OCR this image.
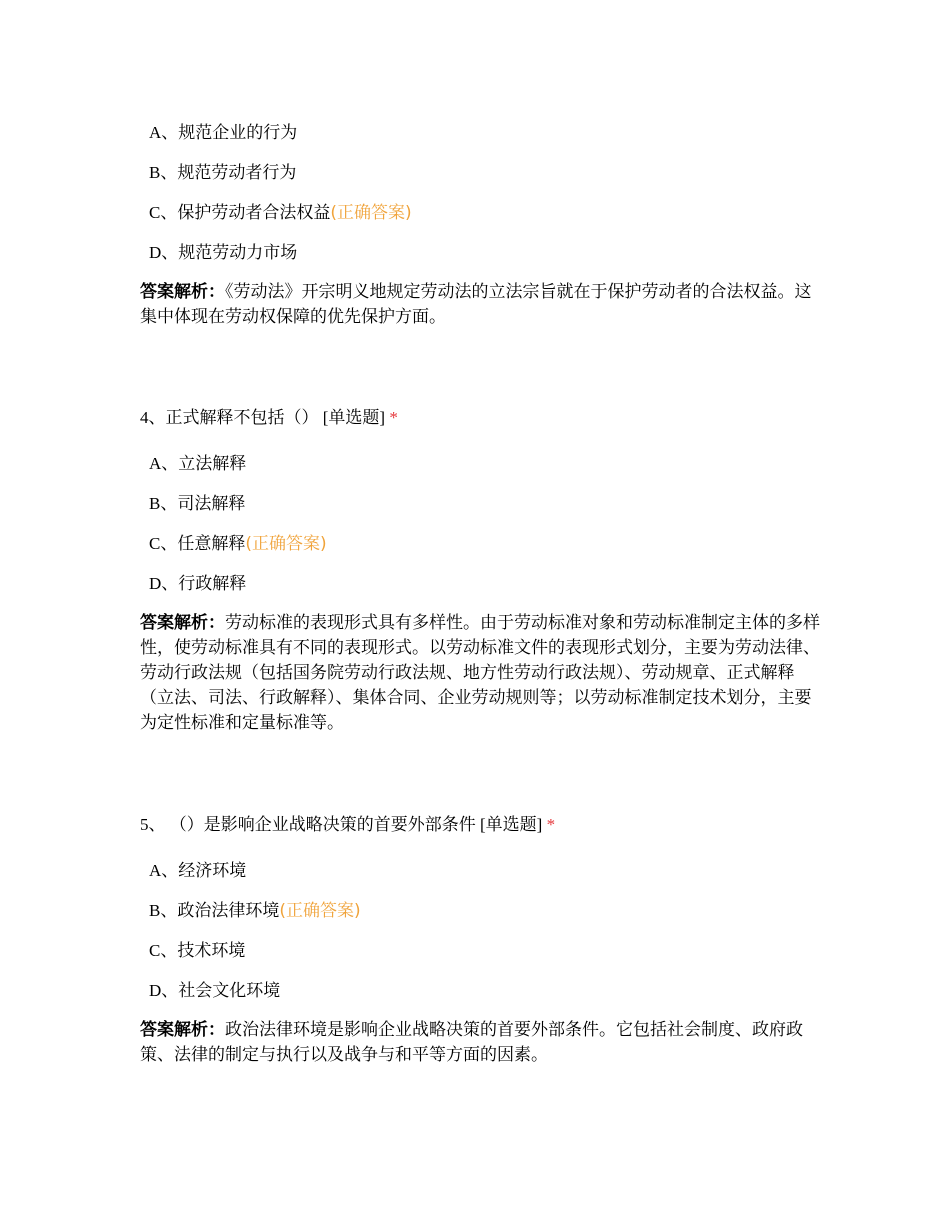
A、规范企业的行为
B、规范劳动者行为
C、保护劳动者合法权益(正确答案)
D、规范劳动力市场
答案解析：《劳动法》开宗明义地规定劳动法的立法宗旨就在于保护劳动者的合法权益。这集中体现在劳动权保障的优先保护方面。
4、正式解释不包括（） [单选题] *
A、立法解释
B、司法解释
C、任意解释(正确答案)
D、行政解释
答案解析：劳动标准的表现形式具有多样性。由于劳动标准对象和劳动标准制定主体的多样性，使劳动标准具有不同的表现形式。以劳动标准文件的表现形式划分，主要为劳动法律、劳动行政法规（包括国务院劳动行政法规、地方性劳动行政法规）、劳动规章、正式解释（立法、司法、行政解释）、集体合同、企业劳动规则等；以劳动标准制定技术划分，主要为定性标准和定量标准等。
5、 （）是影响企业战略决策的首要外部条件 [单选题] *
A、经济环境
B、政治法律环境(正确答案)
C、技术环境
D、社会文化环境
答案解析：政治法律环境是影响企业战略决策的首要外部条件。它包括社会制度、政府政策、法律的制定与执行以及战争与和平等方面的因素。
